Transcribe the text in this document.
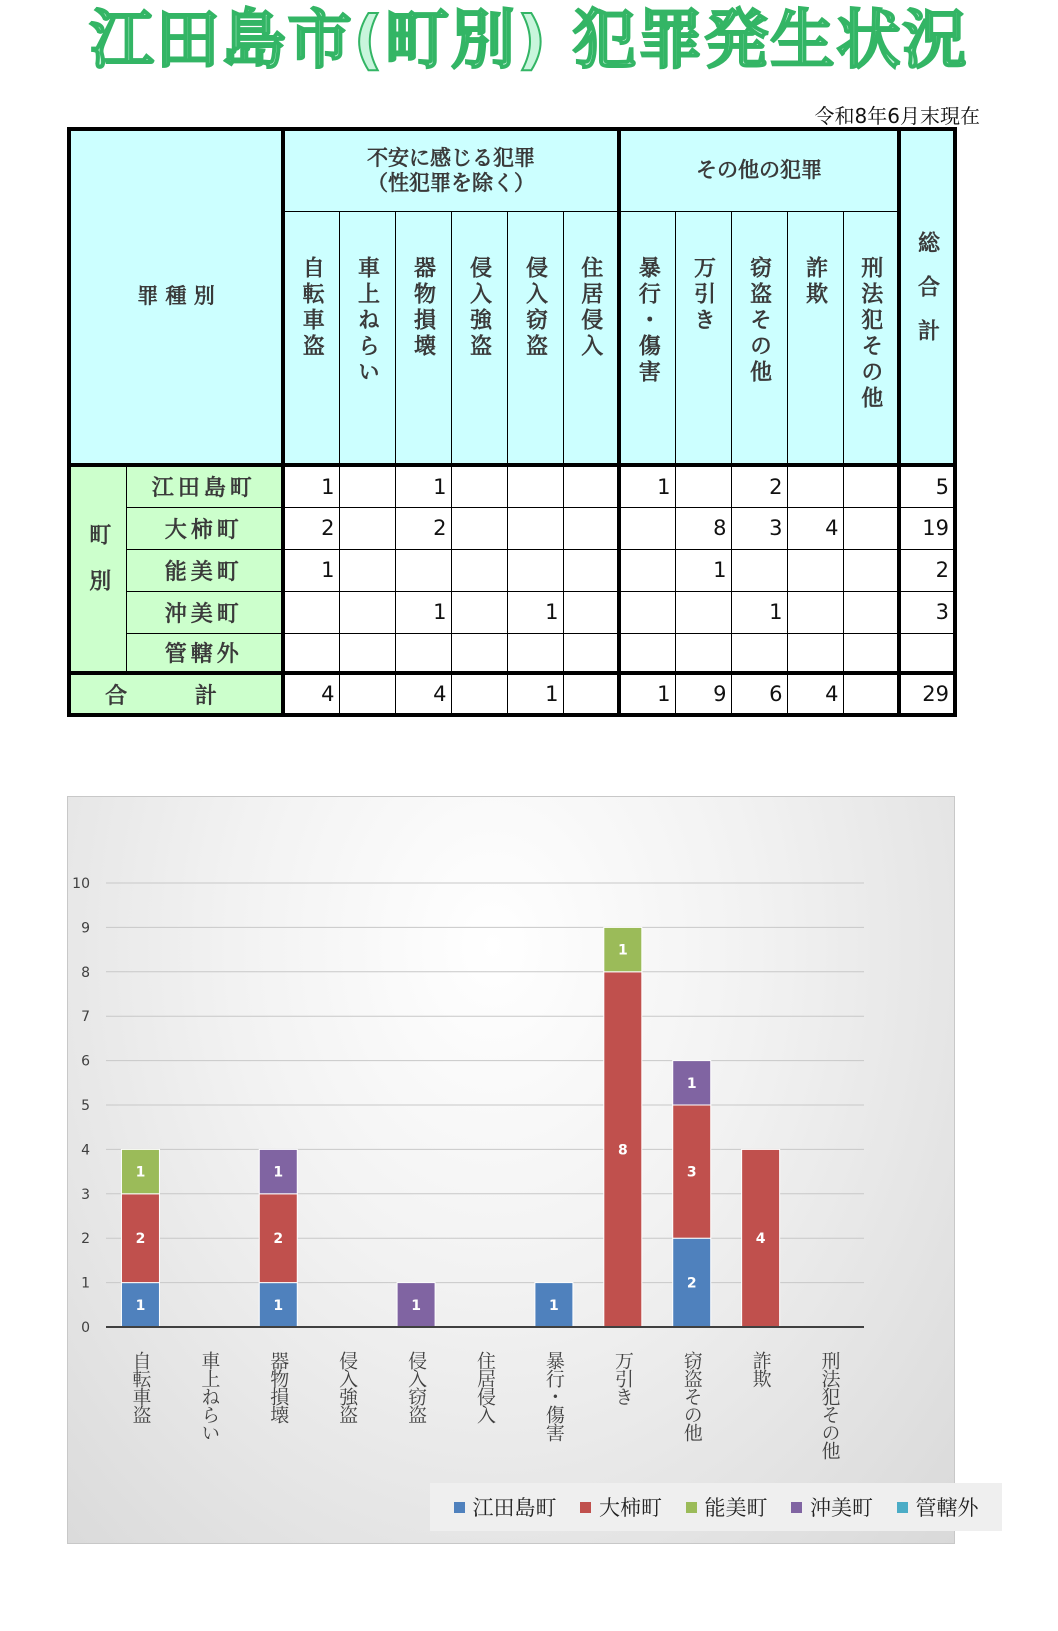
江田島市(町別) 犯罪発生状況
令和8年6月末現在
罪 種 別		不安に感じる犯罪
（性犯罪を除く）						その他の犯罪					総合計

		自転車盗	車上ねらい	器物損壊	侵入強盗	侵入窃盗	住居侵入	暴行・傷害	万引き	窃盗その他	詐欺	刑法犯その他	

町別	江田島町	1		1				1		2			5
	大柿町	2		2					8	3	4		19
	能美町	1							1				2
	沖美町			1		1				1			3
	管轄外												
合 計		4		4		1		1	9	6	4		29
0
1
2
3
4
5
6
7
8
9
10
1
2
1
自転車盗 車上ねらい
1
2
1
器物損壊 侵入強盗
1
侵入窃盗 住居侵入
1
暴行・傷害
8
1
万引き
2
3
1
窃盗その他
4
詐欺 刑法犯その他
江田島町 大柿町 能美町 沖美町 管轄外
